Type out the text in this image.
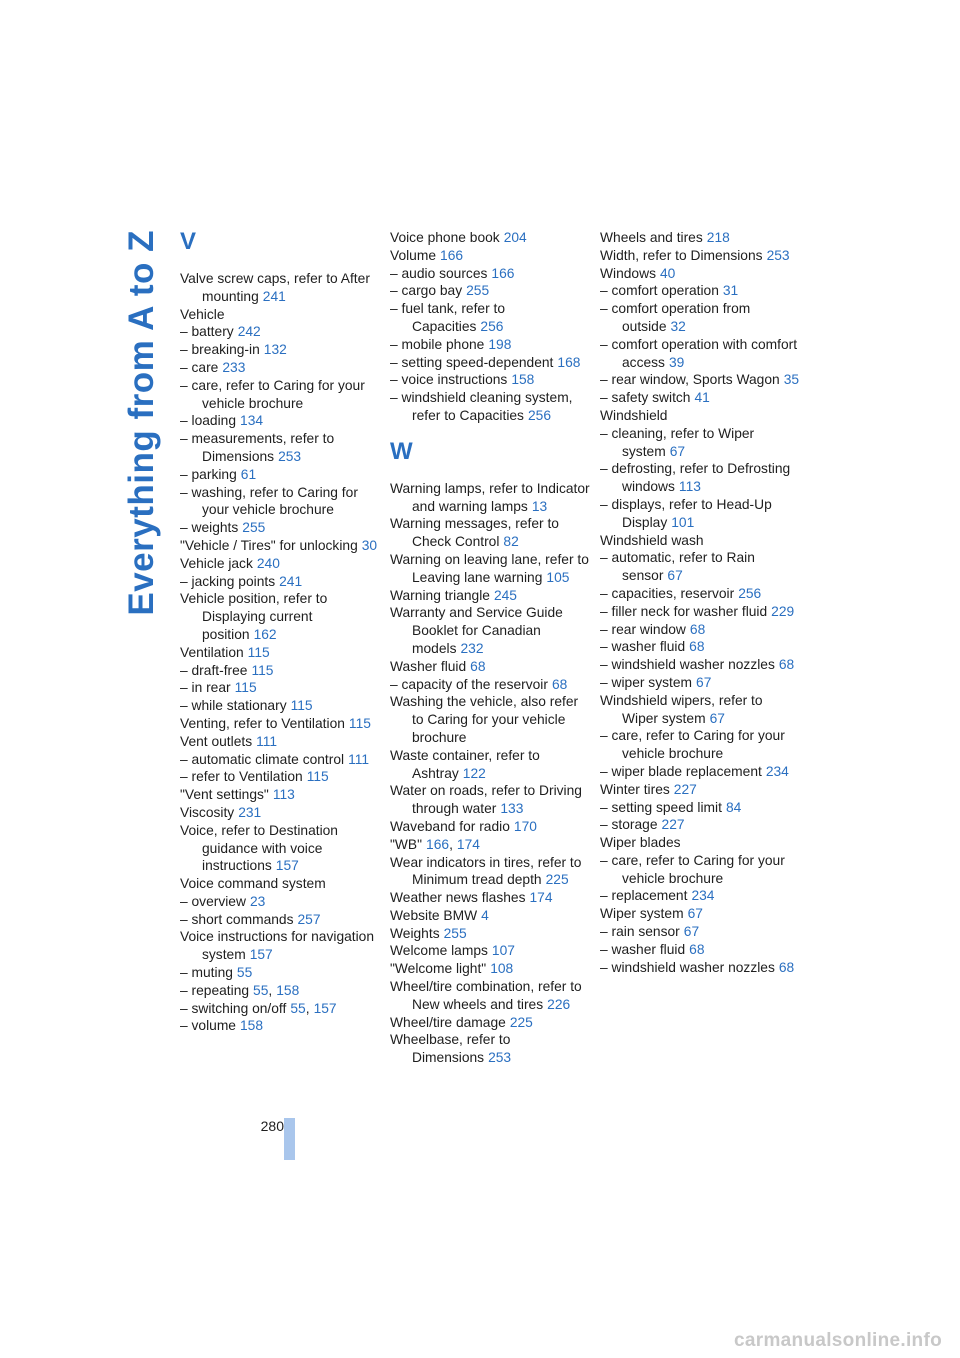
Everything from A to Z V
Valve screw caps, refer to After mounting 241
Vehicle
– battery 242
– breaking-in 132
– care 233
– care, refer to Caring for your vehicle brochure
– loading 134
– measurements, refer to Dimensions 253
– parking 61
– washing, refer to Caring for your vehicle brochure
– weights 255
"Vehicle / Tires" for unlocking 30
Vehicle jack 240
– jacking points 241
Vehicle position, refer to Displaying current position 162
Ventilation 115
– draft-free 115
– in rear 115
– while stationary 115
Venting, refer to Ventilation 115
Vent outlets 111
– automatic climate control 111
– refer to Ventilation 115
"Vent settings" 113
Viscosity 231
Voice, refer to Destination guidance with voice instructions 157
Voice command system
– overview 23
– short commands 257
Voice instructions for navigation system 157
– muting 55
– repeating 55, 158
– switching on/off 55, 157
– volume 158
Voice phone book 204
Volume 166
– audio sources 166
– cargo bay 255
– fuel tank, refer to Capacities 256
– mobile phone 198
– setting speed-dependent 168
– voice instructions 158
– windshield cleaning system, refer to Capacities 256
W
Warning lamps, refer to Indicator and warning lamps 13
Warning messages, refer to Check Control 82
Warning on leaving lane, refer to Leaving lane warning 105
Warning triangle 245
Warranty and Service Guide Booklet for Canadian models 232
Washer fluid 68
– capacity of the reservoir 68
Washing the vehicle, also refer to Caring for your vehicle brochure
Waste container, refer to Ashtray 122
Water on roads, refer to Driving through water 133
Waveband for radio 170
"WB" 166, 174
Wear indicators in tires, refer to Minimum tread depth 225
Weather news flashes 174
Website BMW 4
Weights 255
Welcome lamps 107
"Welcome light" 108
Wheel/tire combination, refer to New wheels and tires 226
Wheel/tire damage 225
Wheelbase, refer to Dimensions 253
Wheels and tires 218
Width, refer to Dimensions 253
Windows 40
– comfort operation 31
– comfort operation from outside 32
– comfort operation with comfort access 39
– rear window, Sports Wagon 35
– safety switch 41
Windshield
– cleaning, refer to Wiper system 67
– defrosting, refer to Defrosting windows 113
– displays, refer to Head-Up Display 101
Windshield wash
– automatic, refer to Rain sensor 67
– capacities, reservoir 256
– filler neck for washer fluid 229
– rear window 68
– washer fluid 68
– windshield washer nozzles 68
– wiper system 67
Windshield wipers, refer to Wiper system 67
– care, refer to Caring for your vehicle brochure
– wiper blade replacement 234
Winter tires 227
– setting speed limit 84
– storage 227
Wiper blades
– care, refer to Caring for your vehicle brochure
– replacement 234
Wiper system 67
– rain sensor 67
– washer fluid 68
– windshield washer nozzles 68
280
carmanualsonline.info
